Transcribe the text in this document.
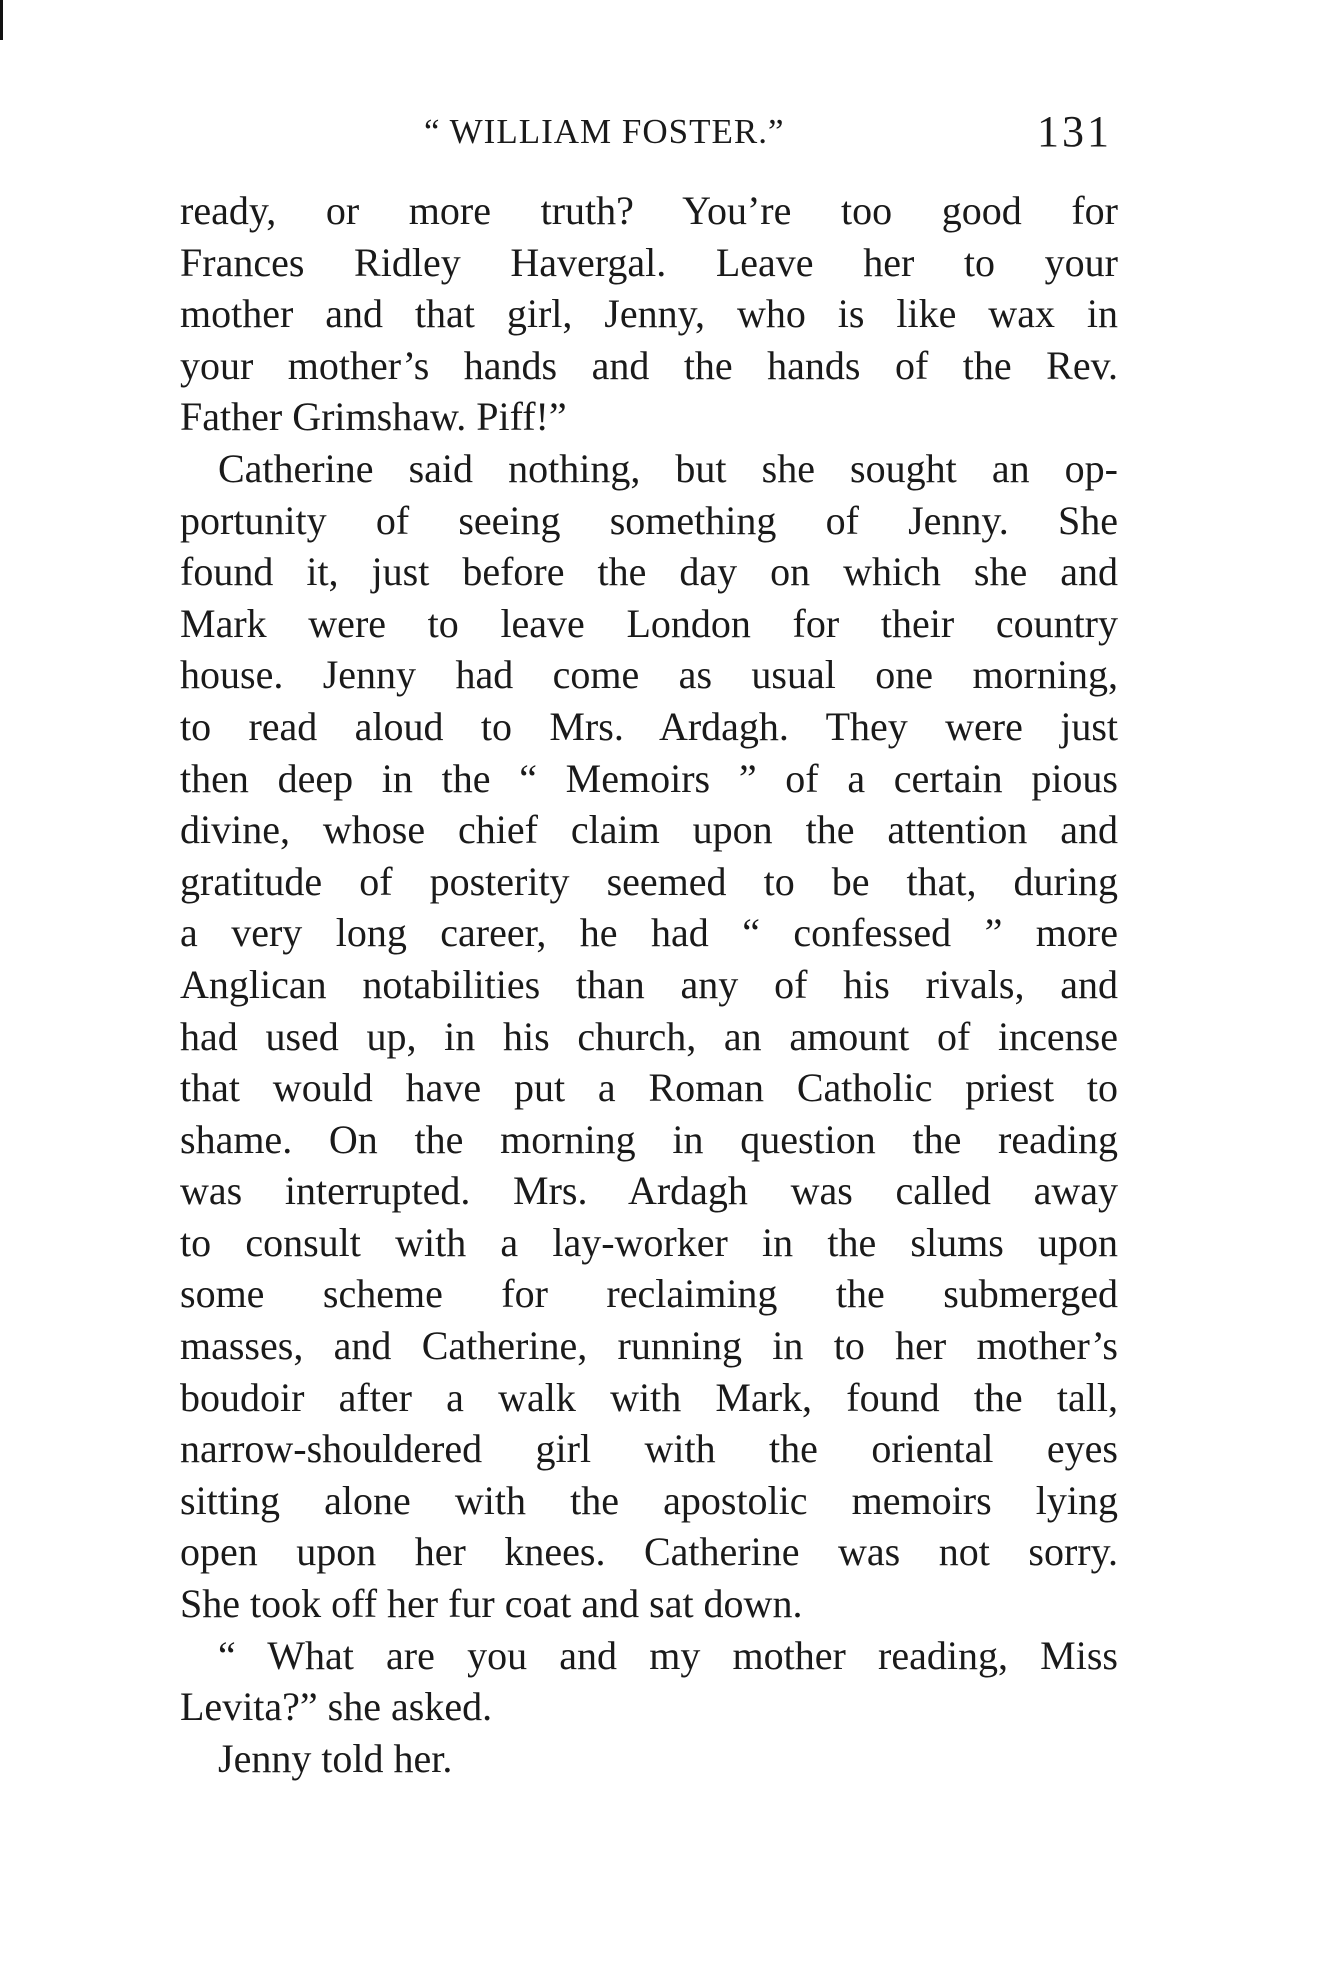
“ WILLIAM FOSTER.”	131
ready, or more truth? You’re too good for
Frances Ridley Havergal. Leave her to your
mother and that girl, Jenny, who is like wax in
your mother’s hands and the hands of the Rev.
Father Grimshaw. Piff!”
Catherine said nothing, but she sought an op-
portunity of seeing something of Jenny. She
found it, just before the day on which she and
Mark were to leave London for their country
house. Jenny had come as usual one morning,
to read aloud to Mrs. Ardagh. They were just
then deep in the “ Memoirs ” of a certain pious
divine, whose chief claim upon the attention and
gratitude of posterity seemed to be that, during
a very long career, he had “ confessed ” more
Anglican notabilities than any of his rivals, and
had used up, in his church, an amount of incense
that would have put a Roman Catholic priest to
shame. On the morning in question the reading
was interrupted. Mrs. Ardagh was called away
to consult with a lay-worker in the slums upon
some scheme for reclaiming the submerged
masses, and Catherine, running in to her mother’s
boudoir after a walk with Mark, found the tall,
narrow-shouldered girl with the oriental eyes
sitting alone with the apostolic memoirs lying
open upon her knees. Catherine was not sorry.
She took off her fur coat and sat down.
“ What are you and my mother reading, Miss
Levita?” she asked.
Jenny told her.
